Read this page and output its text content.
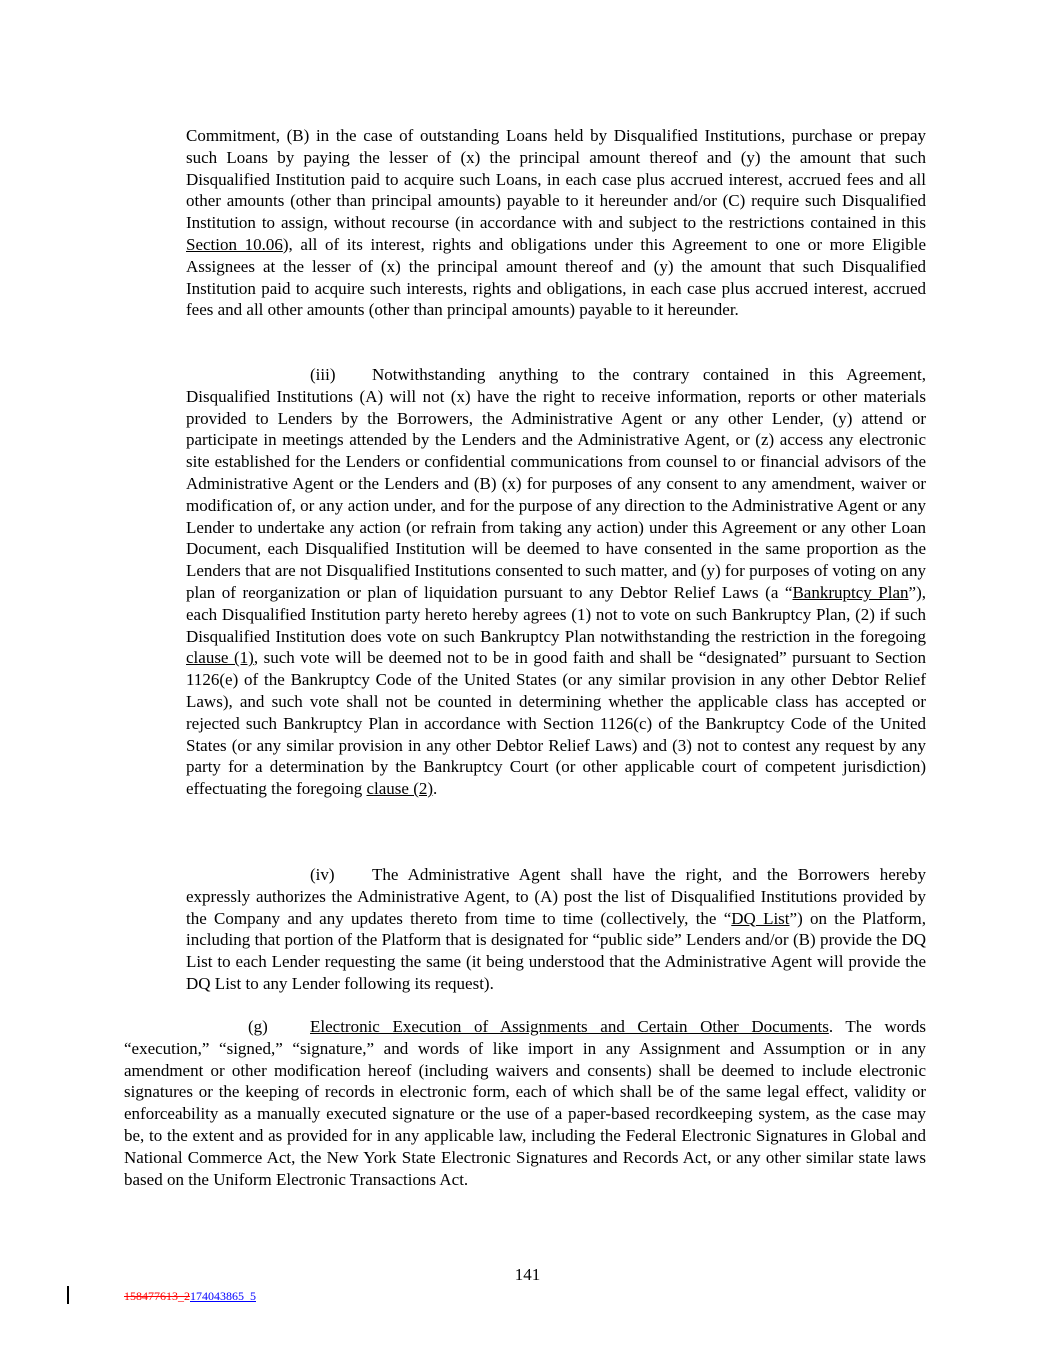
Commitment, (B) in the case of outstanding Loans held by Disqualified Institutions, purchase or prepay such Loans by paying the lesser of (x) the principal amount thereof and (y) the amount that such Disqualified Institution paid to acquire such Loans, in each case plus accrued interest, accrued fees and all other amounts (other than principal amounts) payable to it hereunder and/or (C) require such Disqualified Institution to assign, without recourse (in accordance with and subject to the restrictions contained in this Section 10.06), all of its interest, rights and obligations under this Agreement to one or more Eligible Assignees at the lesser of (x) the principal amount thereof and (y) the amount that such Disqualified Institution paid to acquire such interests, rights and obligations, in each case plus accrued interest, accrued fees and all other amounts (other than principal amounts) payable to it hereunder.

(iii) Notwithstanding anything to the contrary contained in this Agreement, Disqualified Institutions (A) will not (x) have the right to receive information, reports or other materials provided to Lenders by the Borrowers, the Administrative Agent or any other Lender, (y) attend or participate in meetings attended by the Lenders and the Administrative Agent, or (z) access any electronic site established for the Lenders or confidential communications from counsel to or financial advisors of the Administrative Agent or the Lenders and (B) (x) for purposes of any consent to any amendment, waiver or modification of, or any action under, and for the purpose of any direction to the Administrative Agent or any Lender to undertake any action (or refrain from taking any action) under this Agreement or any other Loan Document, each Disqualified Institution will be deemed to have consented in the same proportion as the Lenders that are not Disqualified Institutions consented to such matter, and (y) for purposes of voting on any plan of reorganization or plan of liquidation pursuant to any Debtor Relief Laws (a “Bankruptcy Plan”), each Disqualified Institution party hereto hereby agrees (1) not to vote on such Bankruptcy Plan, (2) if such Disqualified Institution does vote on such Bankruptcy Plan notwithstanding the restriction in the foregoing clause (1), such vote will be deemed not to be in good faith and shall be “designated” pursuant to Section 1126(e) of the Bankruptcy Code of the United States (or any similar provision in any other Debtor Relief Laws), and such vote shall not be counted in determining whether the applicable class has accepted or rejected such Bankruptcy Plan in accordance with Section 1126(c) of the Bankruptcy Code of the United States (or any similar provision in any other Debtor Relief Laws) and (3) not to contest any request by any party for a determination by the Bankruptcy Court (or other applicable court of competent jurisdiction) effectuating the foregoing clause (2).

(iv) The Administrative Agent shall have the right, and the Borrowers hereby expressly authorizes the Administrative Agent, to (A) post the list of Disqualified Institutions provided by the Company and any updates thereto from time to time (collectively, the “DQ List”) on the Platform, including that portion of the Platform that is designated for “public side” Lenders and/or (B) provide the DQ List to each Lender requesting the same (it being understood that the Administrative Agent will provide the DQ List to any Lender following its request).

(g) Electronic Execution of Assignments and Certain Other Documents. The words “execution,” “signed,” “signature,” and words of like import in any Assignment and Assumption or in any amendment or other modification hereof (including waivers and consents) shall be deemed to include electronic signatures or the keeping of records in electronic form, each of which shall be of the same legal effect, validity or enforceability as a manually executed signature or the use of a paper-based recordkeeping system, as the case may be, to the extent and as provided for in any applicable law, including the Federal Electronic Signatures in Global and National Commerce Act, the New York State Electronic Signatures and Records Act, or any other similar state laws based on the Uniform Electronic Transactions Act.

141
158477613_2174043865_5
